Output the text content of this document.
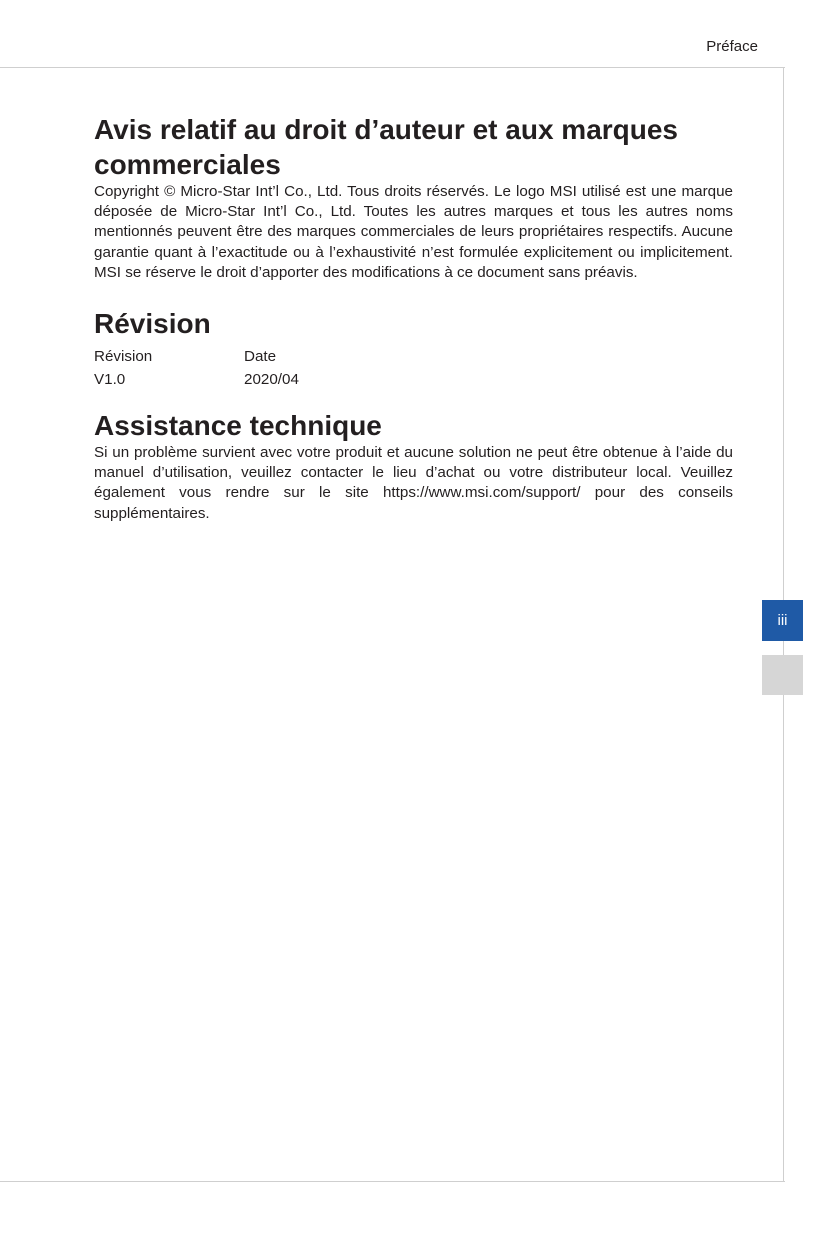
Préface
iii
Avis relatif au droit d’auteur et aux marques commerciales

Copyright © Micro-Star Int’l Co., Ltd. Tous droits réservés. Le logo MSI utilisé est une marque déposée de Micro-Star Int’l Co., Ltd. Toutes les autres marques et tous les autres noms mentionnés peuvent être des marques commerciales de leurs propriétaires respectifs. Aucune garantie quant à l’exactitude ou à l’exhaustivité n’est formulée explicitement ou implicitement. MSI se réserve le droit d’apporter des modifications à ce document sans préavis.

Révision
Révision	Date
V1.0	2020/04
Assistance technique

Si un problème survient avec votre produit et aucune solution ne peut être obtenue à l’aide du manuel d’utilisation, veuillez contacter le lieu d’achat ou votre distributeur local. Veuillez également vous rendre sur le site https://www.msi.com/support/ pour des conseils supplémentaires.
